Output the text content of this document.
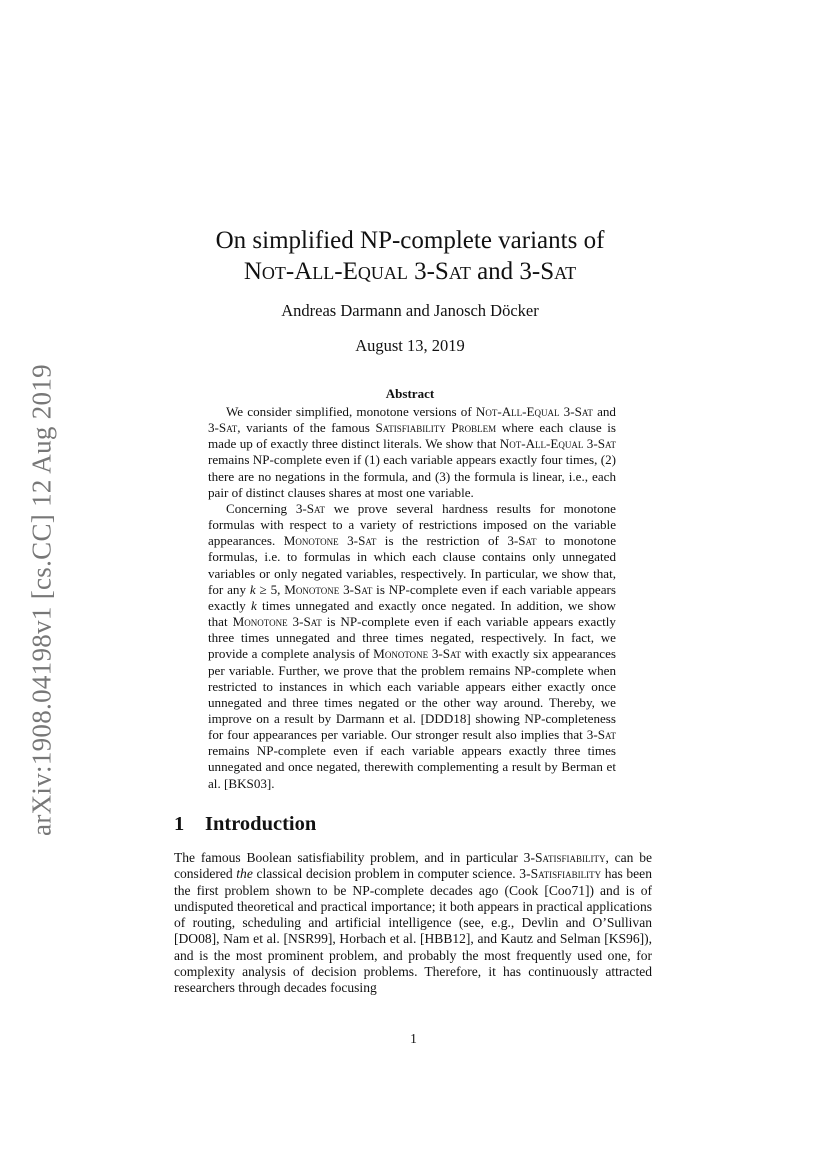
arXiv:1908.04198v1 [cs.CC] 12 Aug 2019
On simplified NP-complete variants of
Not-All-Equal 3-Sat and 3-Sat
Andreas Darmann and Janosch Döcker
August 13, 2019
Abstract

We consider simplified, monotone versions of Not-All-Equal 3-Sat and 3-Sat, variants of the famous Satisfiability Problem where each clause is made up of exactly three distinct literals. We show that Not-All-Equal 3-Sat remains NP-complete even if (1) each variable appears exactly four times, (2) there are no negations in the formula, and (3) the formula is linear, i.e., each pair of distinct clauses shares at most one variable.

Concerning 3-Sat we prove several hardness results for monotone formulas with respect to a variety of restrictions imposed on the variable appearances. Monotone 3-Sat is the restriction of 3-Sat to monotone formulas, i.e. to formulas in which each clause contains only unnegated variables or only negated variables, respectively. In particular, we show that, for any k ≥ 5, Monotone 3-Sat is NP-complete even if each variable appears exactly k times unnegated and exactly once negated. In addition, we show that Monotone 3-Sat is NP-complete even if each variable appears exactly three times unnegated and three times negated, respectively. In fact, we provide a complete analysis of Monotone 3-Sat with exactly six appearances per variable. Further, we prove that the problem remains NP-complete when restricted to instances in which each variable appears either exactly once unnegated and three times negated or the other way around. Thereby, we improve on a result by Darmann et al. [DDD18] showing NP-completeness for four appearances per variable. Our stronger result also implies that 3-Sat remains NP-complete even if each variable appears exactly three times unnegated and once negated, therewith complementing a result by Berman et al. [BKS03].

1 Introduction

The famous Boolean satisfiability problem, and in particular 3-Satisfiability, can be considered the classical decision problem in computer science. 3-Satisfiability has been the first problem shown to be NP-complete decades ago (Cook [Coo71]) and is of undisputed theoretical and practical importance; it both appears in practical applications of routing, scheduling and artificial intelligence (see, e.g., Devlin and O’Sullivan [DO08], Nam et al. [NSR99], Horbach et al. [HBB12], and Kautz and Selman [KS96]), and is the most prominent problem, and probably the most frequently used one, for complexity analysis of decision problems. Therefore, it has continuously attracted researchers through decades focusing

1
